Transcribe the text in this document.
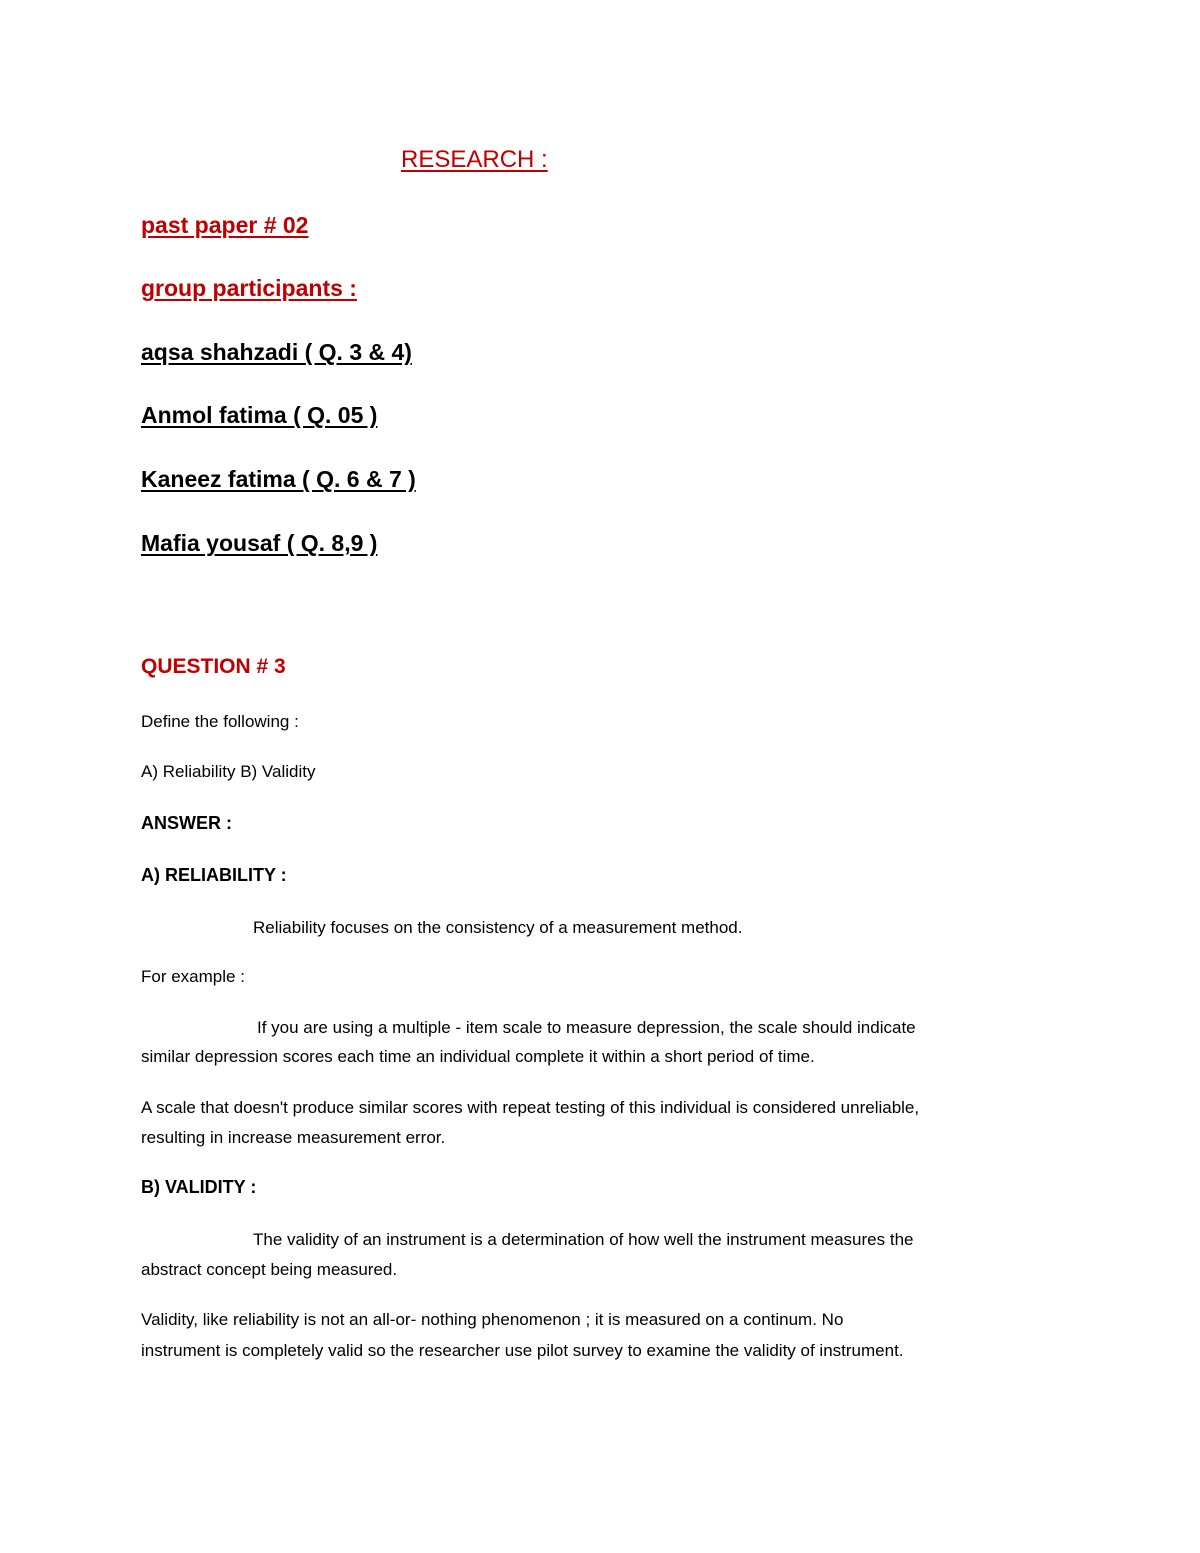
RESEARCH :
past paper # 02
group participants :
aqsa shahzadi ( Q. 3 & 4)
Anmol fatima ( Q. 05 )
Kaneez fatima ( Q. 6 & 7 )
Mafia yousaf ( Q. 8,9 )
QUESTION # 3
Define the following :
A) Reliability B) Validity
ANSWER :
A) RELIABILITY :
Reliability focuses on the consistency of a measurement method.
For example :
If you are using a multiple - item scale to measure depression, the scale should indicate
similar depression scores each time an individual complete it within a short period of time.
A scale that doesn't produce similar scores with repeat testing of this individual is considered unreliable,
resulting in increase measurement error.
B) VALIDITY :
The validity of an instrument is a determination of how well the instrument measures the
abstract concept being measured.
Validity, like reliability is not an all-or- nothing phenomenon ; it is measured on a continum. No
instrument is completely valid so the researcher use pilot survey to examine the validity of instrument.
